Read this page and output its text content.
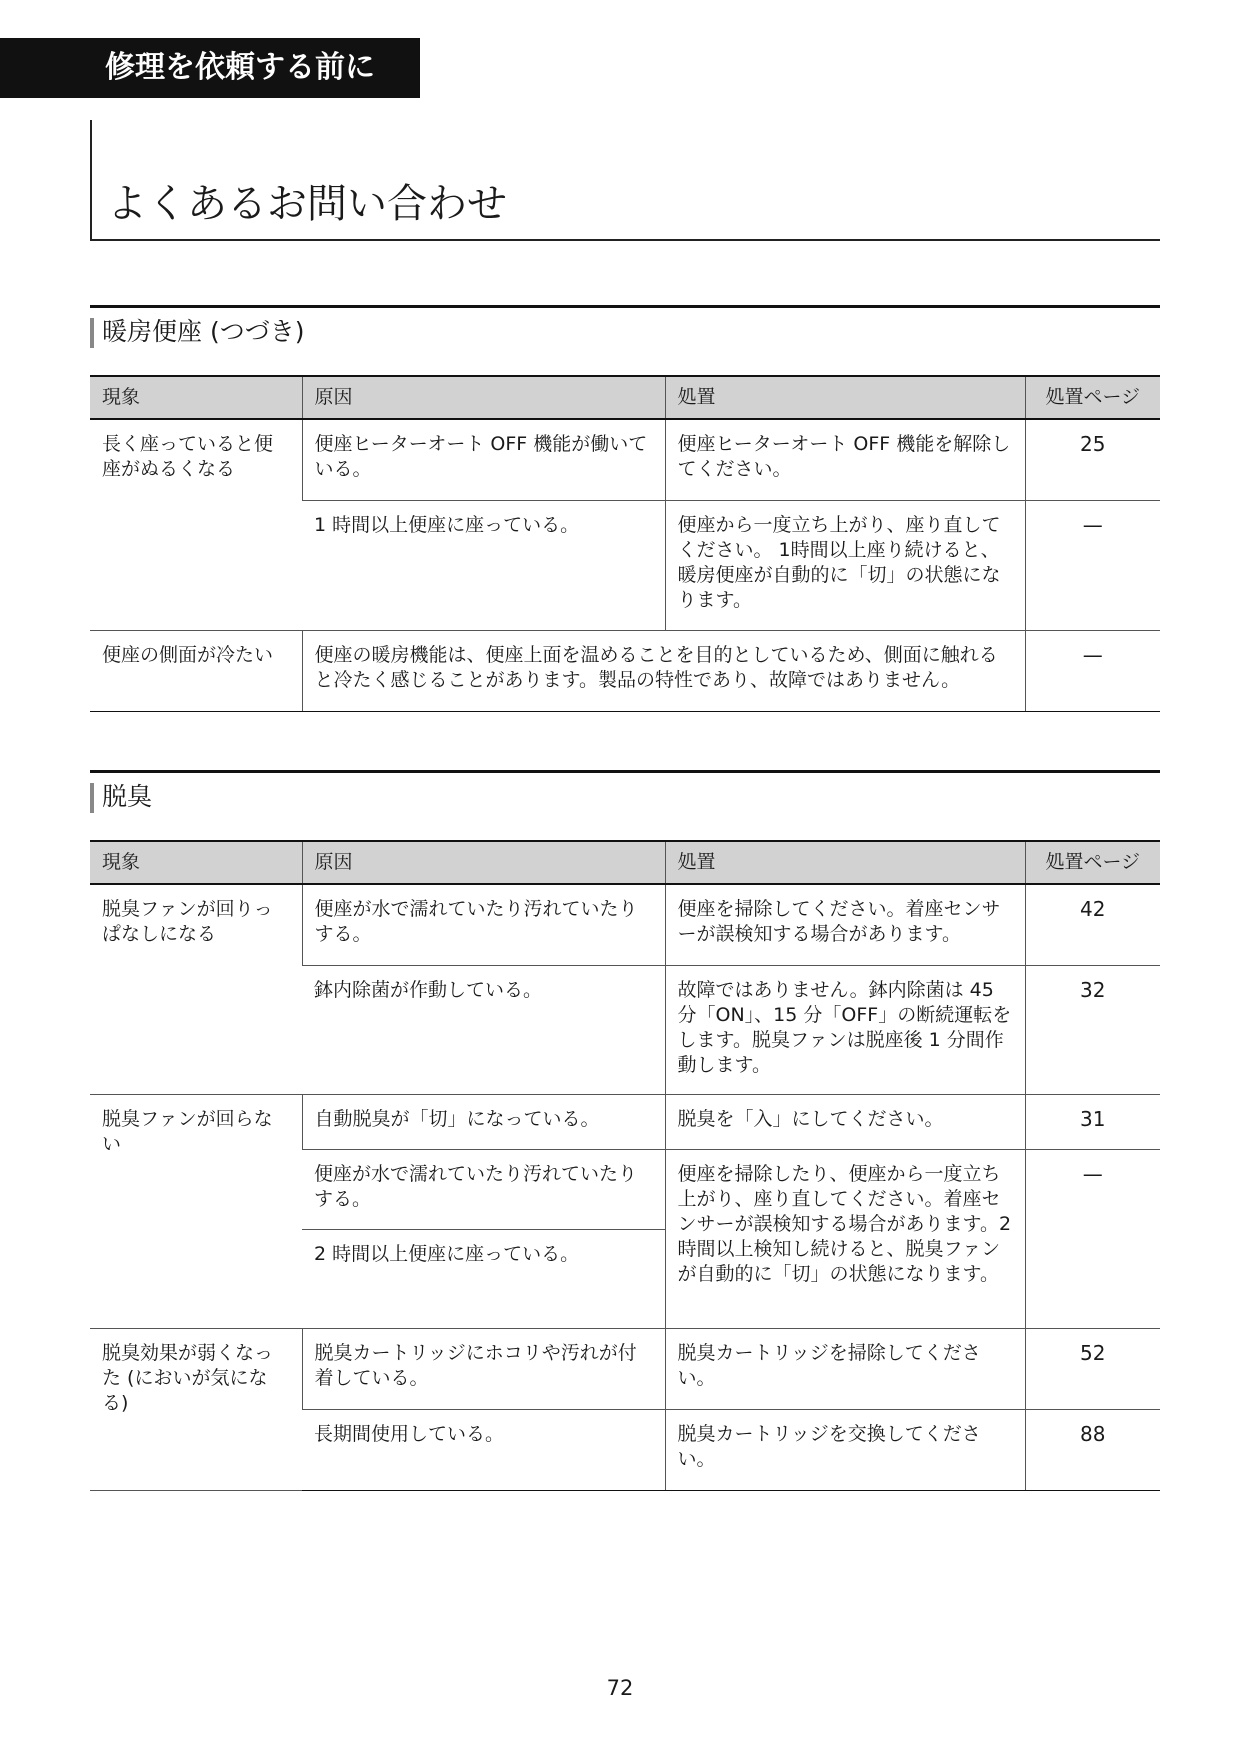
修理を依頼する前に
よくあるお問い合わせ
暖房便座 (つづき)
現象	原因	処置	処置ページ
長く座っていると便座がぬるくなる	便座ヒーターオート OFF 機能が働いている。	便座ヒーターオート OFF 機能を解除してください。	25
	1 時間以上便座に座っている。	便座から一度立ち上がり、座り直してください。 1時間以上座り続けると、暖房便座が自動的に「切」の状態になります。	—
便座の側面が冷たい	便座の暖房機能は、便座上面を温めることを目的としているため、側面に触れると冷たく感じることがあります。製品の特性であり、故障ではありません。		—
脱臭
現象	原因	処置	処置ページ
脱臭ファンが回りっぱなしになる	便座が水で濡れていたり汚れていたりする。	便座を掃除してください。着座センサーが誤検知する場合があります。	42
	鉢内除菌が作動している。	故障ではありません。鉢内除菌は 45 分「ON」、15 分「OFF」の断続運転をします。脱臭ファンは脱座後 1 分間作動します。	32
脱臭ファンが回らない	自動脱臭が「切」になっている。	脱臭を「入」にしてください。	31
	便座が水で濡れていたり汚れていたりする。	便座を掃除したり、便座から一度立ち上がり、座り直してください。着座センサーが誤検知する場合があります。2 時間以上検知し続けると、脱臭ファンが自動的に「切」の状態になります。	—
	2 時間以上便座に座っている。		
脱臭効果が弱くなった (においが気になる)	脱臭カートリッジにホコリや汚れが付着している。	脱臭カートリッジを掃除してください。	52
	長期間使用している。	脱臭カートリッジを交換してください。	88
72
